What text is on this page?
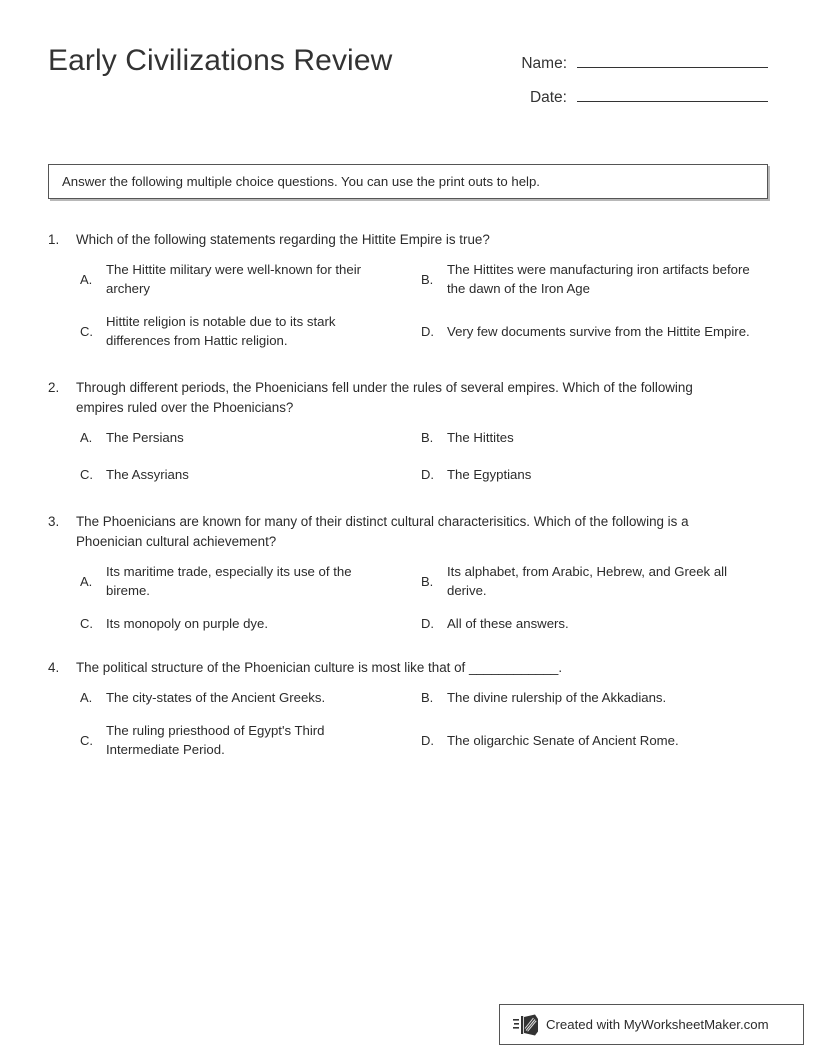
Early Civilizations Review	Name:
Date:
Answer the following multiple choice questions. You can use the print outs to help.
1.	Which of the following statements regarding the Hittite Empire is true?
A.
The Hittite military were well-known for their archery
B.
The Hittites were manufacturing iron artifacts before the dawn of the Iron Age
C.
Hittite religion is notable due to its stark differences from Hattic religion.
D. Very few documents survive from the Hittite Empire.
2.	Through different periods, the Phoenicians fell under the rules of several empires. Which of the following empires ruled over the Phoenicians?
A.	The Persians	B.	The Hittites
C. The Assyrians	D. The Egyptians
3.	The Phoenicians are known for many of their distinct cultural characterisitics. Which of the following is a Phoenician cultural achievement?
A.
Its maritime trade, especially its use of the bireme.
B.
Its alphabet, from Arabic, Hebrew, and Greek all derive.
C. Its monopoly on purple dye.	D. All of these answers.
4.	The political structure of the Phoenician culture is most like that of ____________.
A.	The city-states of the Ancient Greeks.	B.	The divine rulership of the Akkadians.
C.
The ruling priesthood of Egypt's Third Intermediate Period.
D. The oligarchic Senate of Ancient Rome.
Created with MyWorksheetMaker.com
